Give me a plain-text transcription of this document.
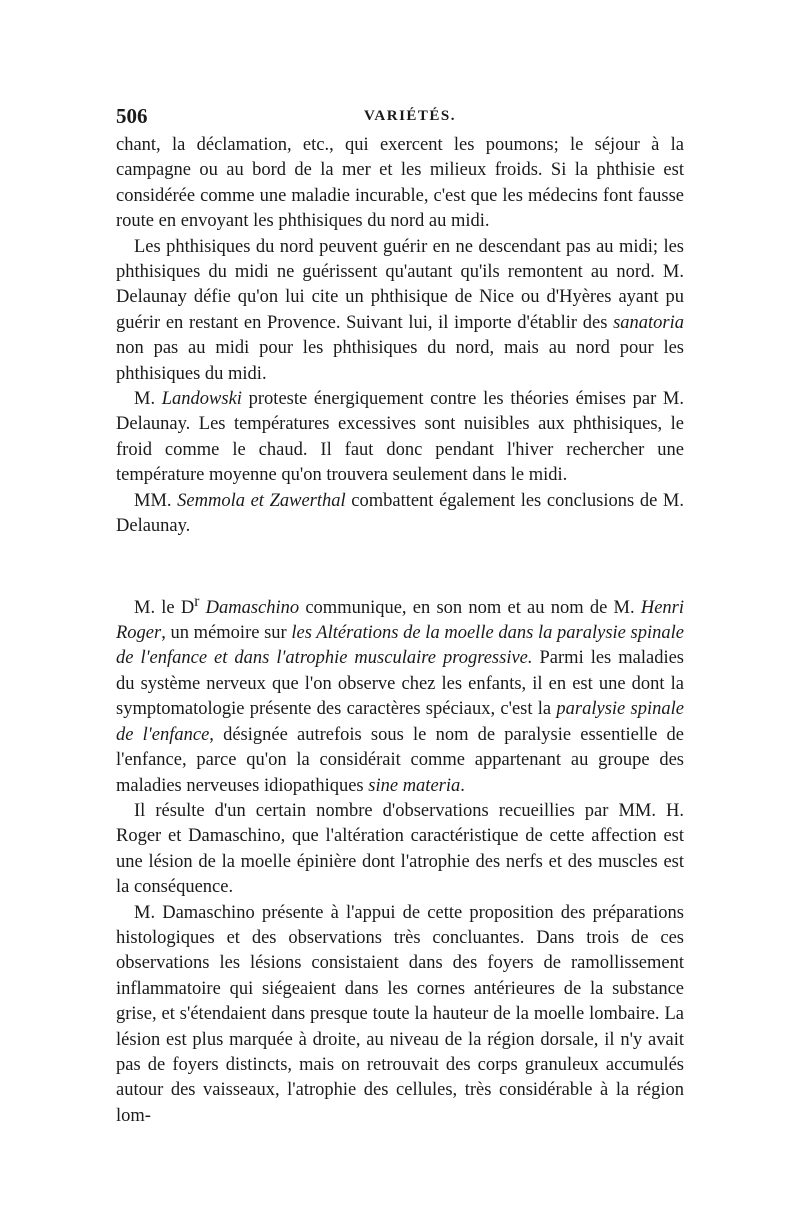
506	VARIÉTÉS.

chant, la déclamation, etc., qui exercent les poumons; le séjour à la campagne ou au bord de la mer et les milieux froids. Si la phthisie est considérée comme une maladie incurable, c'est que les médecins font fausse route en envoyant les phthisiques du nord au midi.

Les phthisiques du nord peuvent guérir en ne descendant pas au midi; les phthisiques du midi ne guérissent qu'autant qu'ils remontent au nord. M. Delaunay défie qu'on lui cite un phthisique de Nice ou d'Hyères ayant pu guérir en restant en Provence. Suivant lui, il importe d'établir des sanatoria non pas au midi pour les phthisiques du nord, mais au nord pour les phthisiques du midi.

M. Landowski proteste énergiquement contre les théories émises par M. Delaunay. Les températures excessives sont nuisibles aux phthisiques, le froid comme le chaud. Il faut donc pendant l'hiver rechercher une température moyenne qu'on trouvera seulement dans le midi.

MM. Semmola et Zawerthal combattent également les conclusions de M. Delaunay.

M. le $D^r$ Damaschino communique, en son nom et au nom de M. Henri Roger, un mémoire sur les Altérations de la moelle dans la paralysie spinale de l'enfance et dans l'atrophie musculaire progressive. Parmi les maladies du système nerveux que l'on observe chez les enfants, il en est une dont la symptomatologie présente des caractères spéciaux, c'est la paralysie spinale de l'enfance, désignée autrefois sous le nom de paralysie essentielle de l'enfance, parce qu'on la considérait comme appartenant au groupe des maladies nerveuses idiopathiques sine materia.

Il résulte d'un certain nombre d'observations recueillies par MM. H. Roger et Damaschino, que l'altération caractéristique de cette affection est une lésion de la moelle épinière dont l'atrophie des nerfs et des muscles est la conséquence.

M. Damaschino présente à l'appui de cette proposition des préparations histologiques et des observations très concluantes. Dans trois de ces observations les lésions consistaient dans des foyers de ramollissement inflammatoire qui siégeaient dans les cornes antérieures de la substance grise, et s'étendaient dans presque toute la hauteur de la moelle lombaire. La lésion est plus marquée à droite, au niveau de la région dorsale, il n'y avait pas de foyers distincts, mais on retrouvait des corps granuleux accumulés autour des vaisseaux, l'atrophie des cellules, très considérable à la région lom-
